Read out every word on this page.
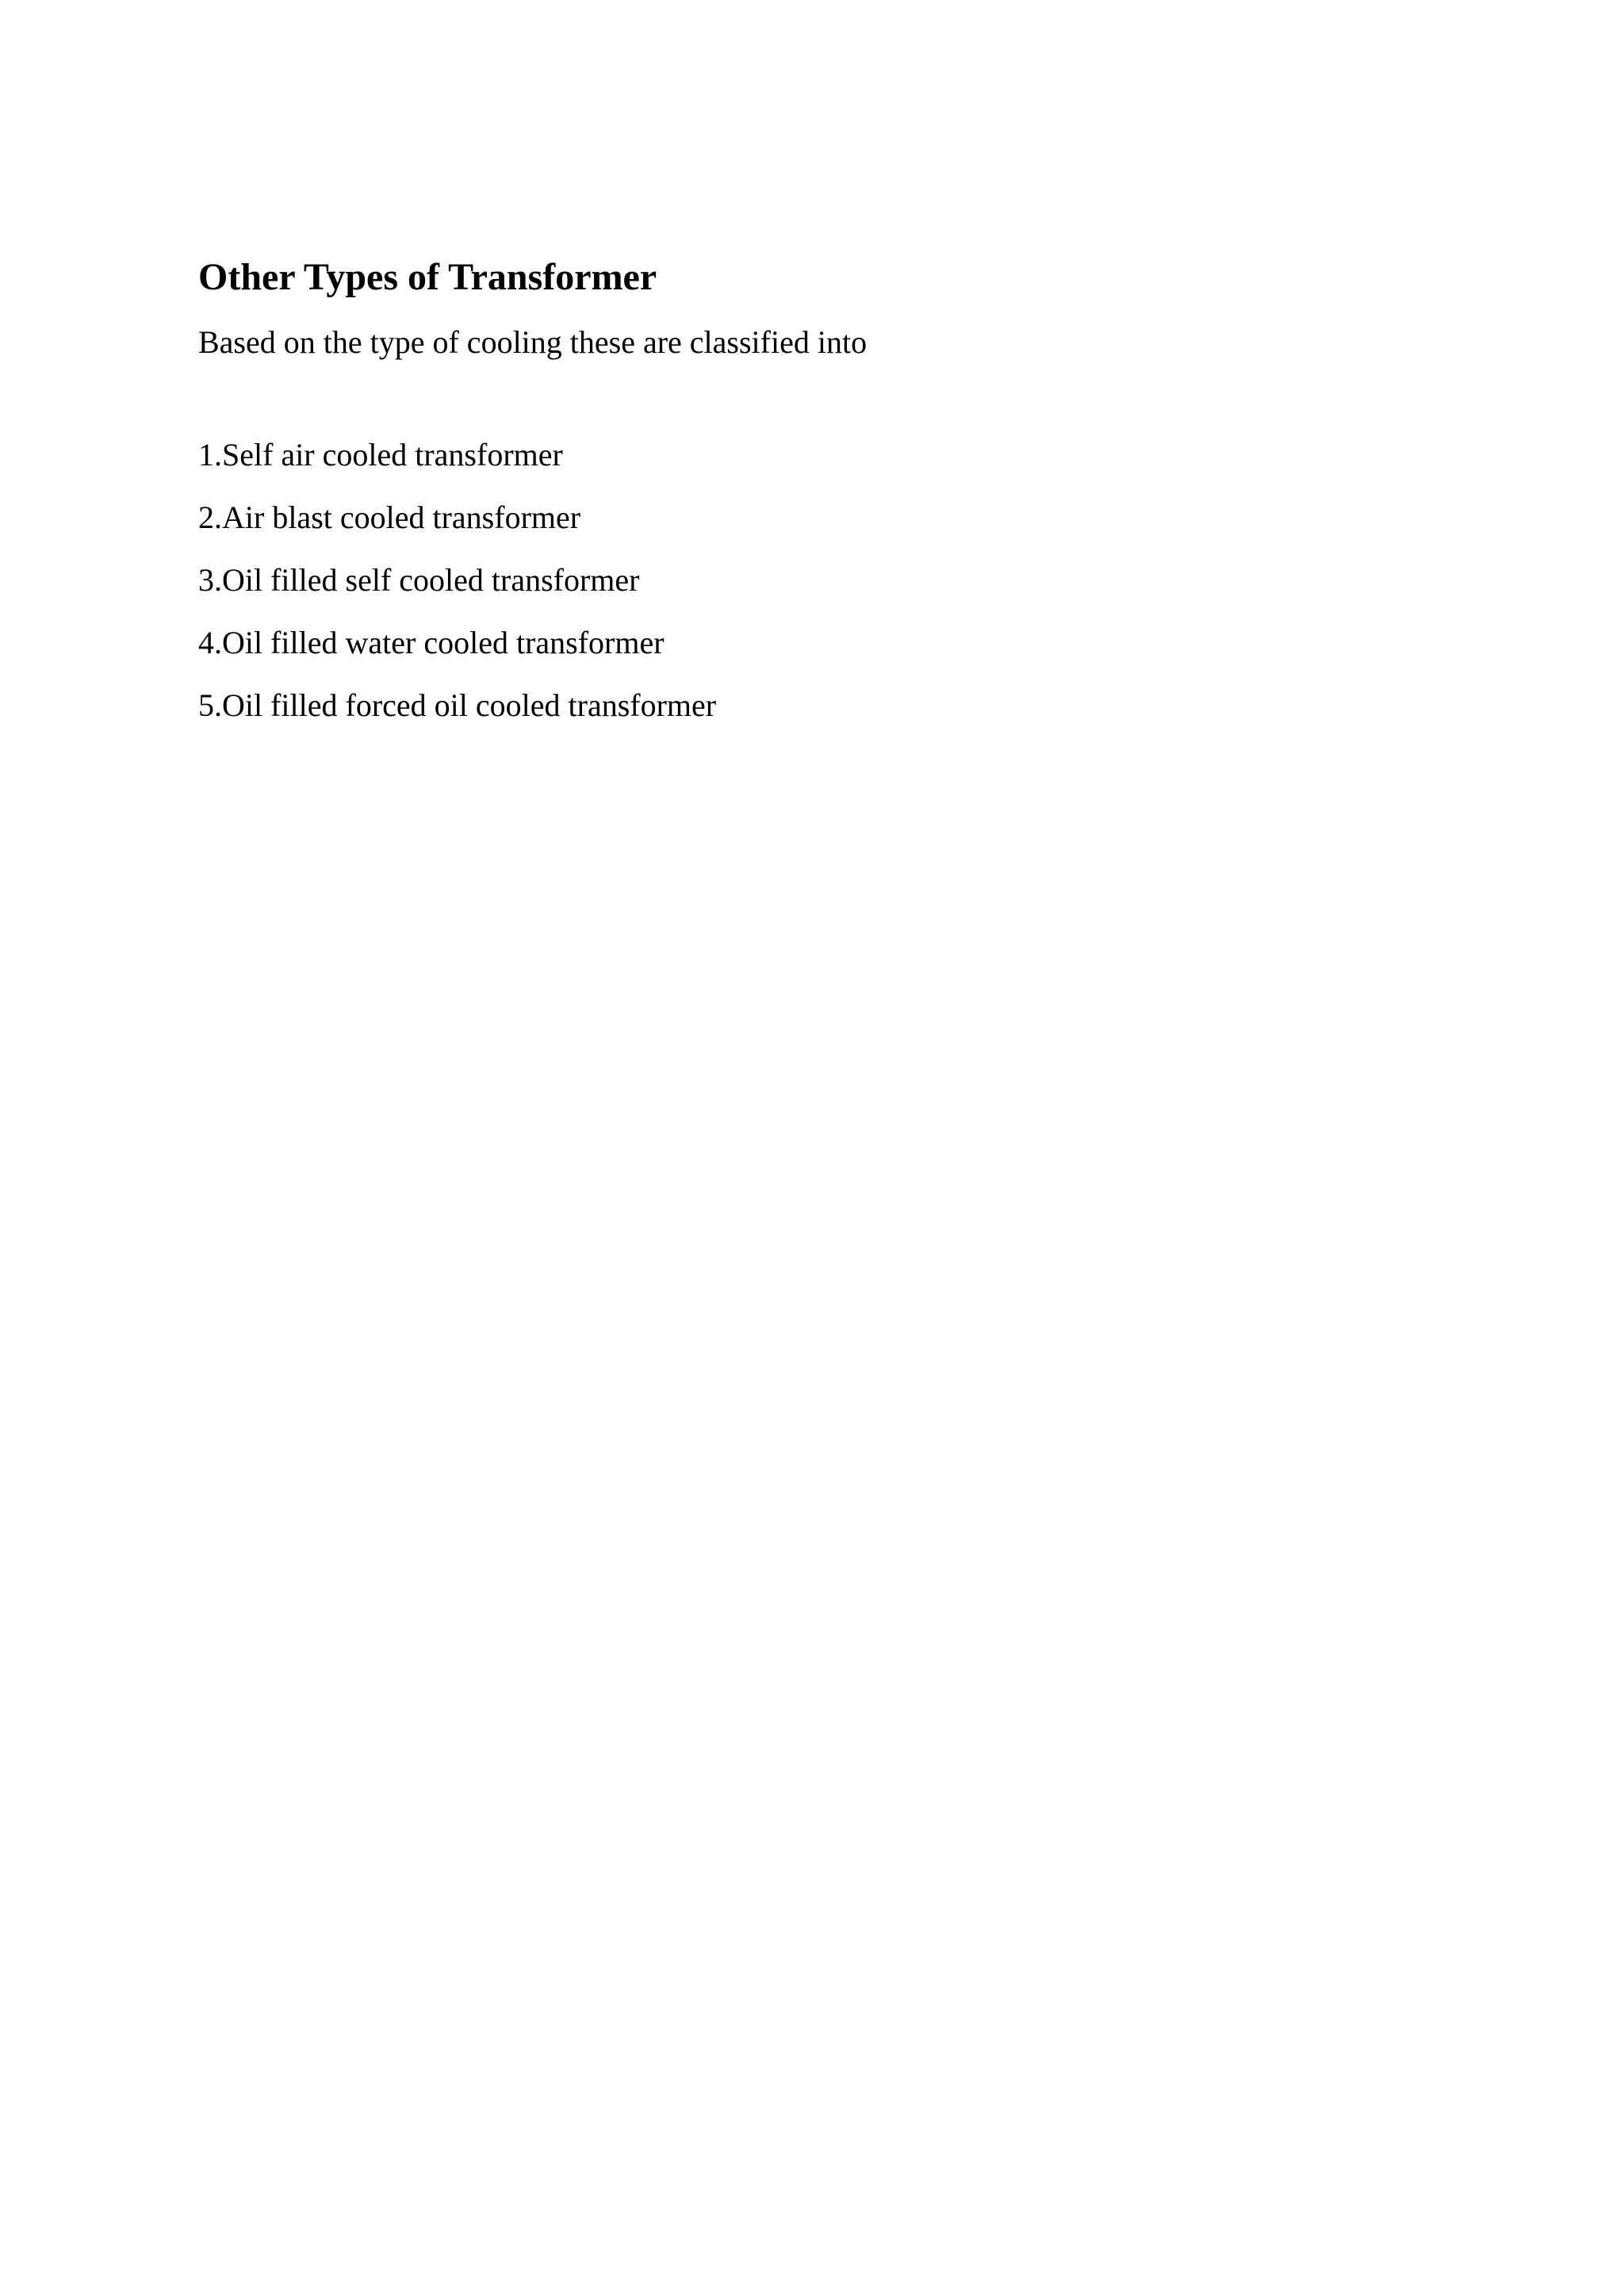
Other Types of Transformer

Based on the type of cooling these are classified into

1.Self air cooled transformer
2.Air blast cooled transformer
3.Oil filled self cooled transformer
4.Oil filled water cooled transformer
5.Oil filled forced oil cooled transformer
